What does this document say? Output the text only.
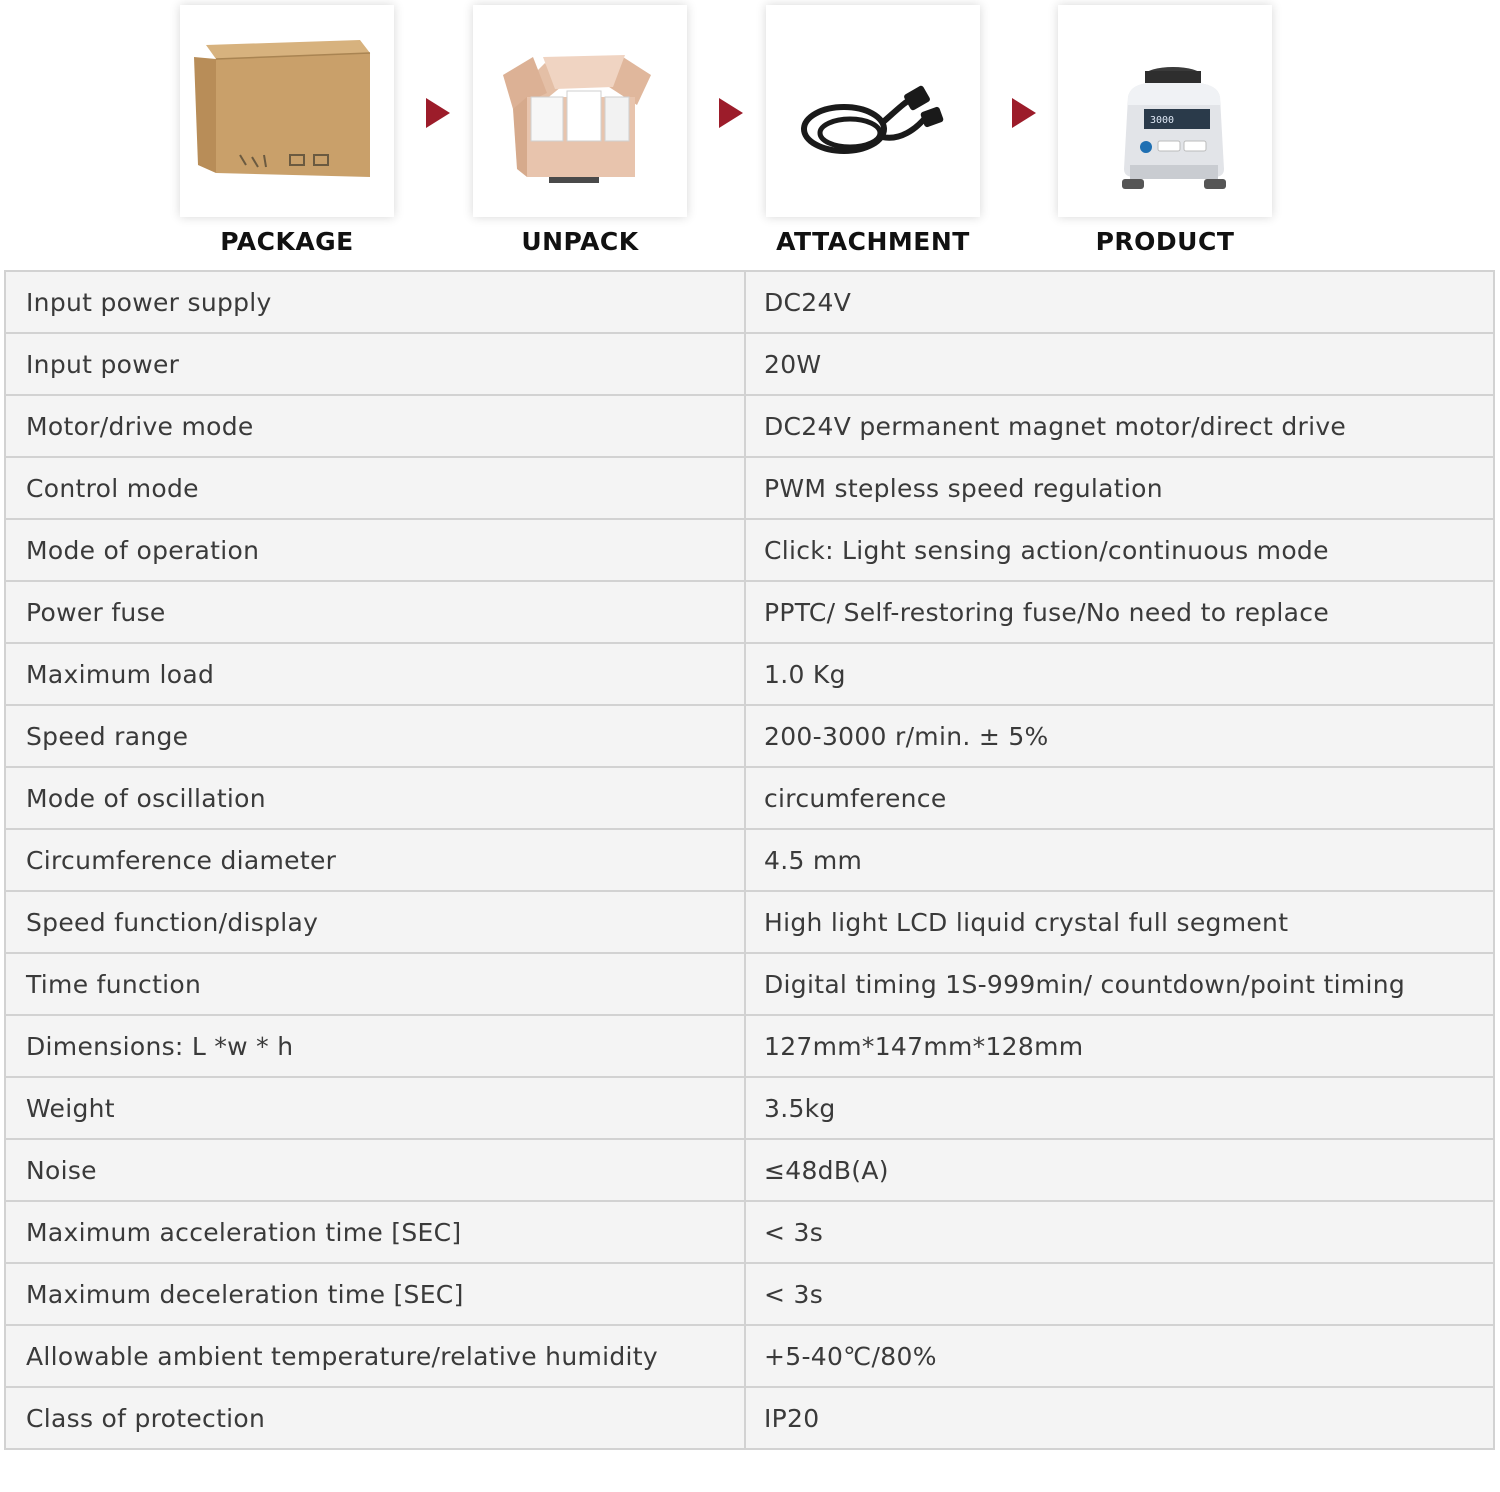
PACKAGE	UNPACK	ATTACHMENT
3000
PRODUCT
Input power supply	DC24V
Input power	20W
Motor/drive mode	DC24V permanent magnet motor/direct drive
Control mode	PWM stepless speed regulation
Mode of operation	Click: Light sensing action/continuous mode
Power fuse	PPTC/ Self-restoring fuse/No need to replace
Maximum load	1.0 Kg
Speed range	200-3000 r/min. ± 5%
Mode of oscillation	circumference
Circumference diameter	4.5 mm
Speed function/display	High light LCD liquid crystal full segment
Time function	Digital timing 1S-999min/ countdown/point timing
Dimensions: L *w * h	127mm*147mm*128mm
Weight	3.5kg
Noise	≤48dB(A)
Maximum acceleration time [SEC]	< 3s
Maximum deceleration time [SEC]	< 3s
Allowable ambient temperature/relative humidity	+5-40℃/80%
Class of protection	IP20
